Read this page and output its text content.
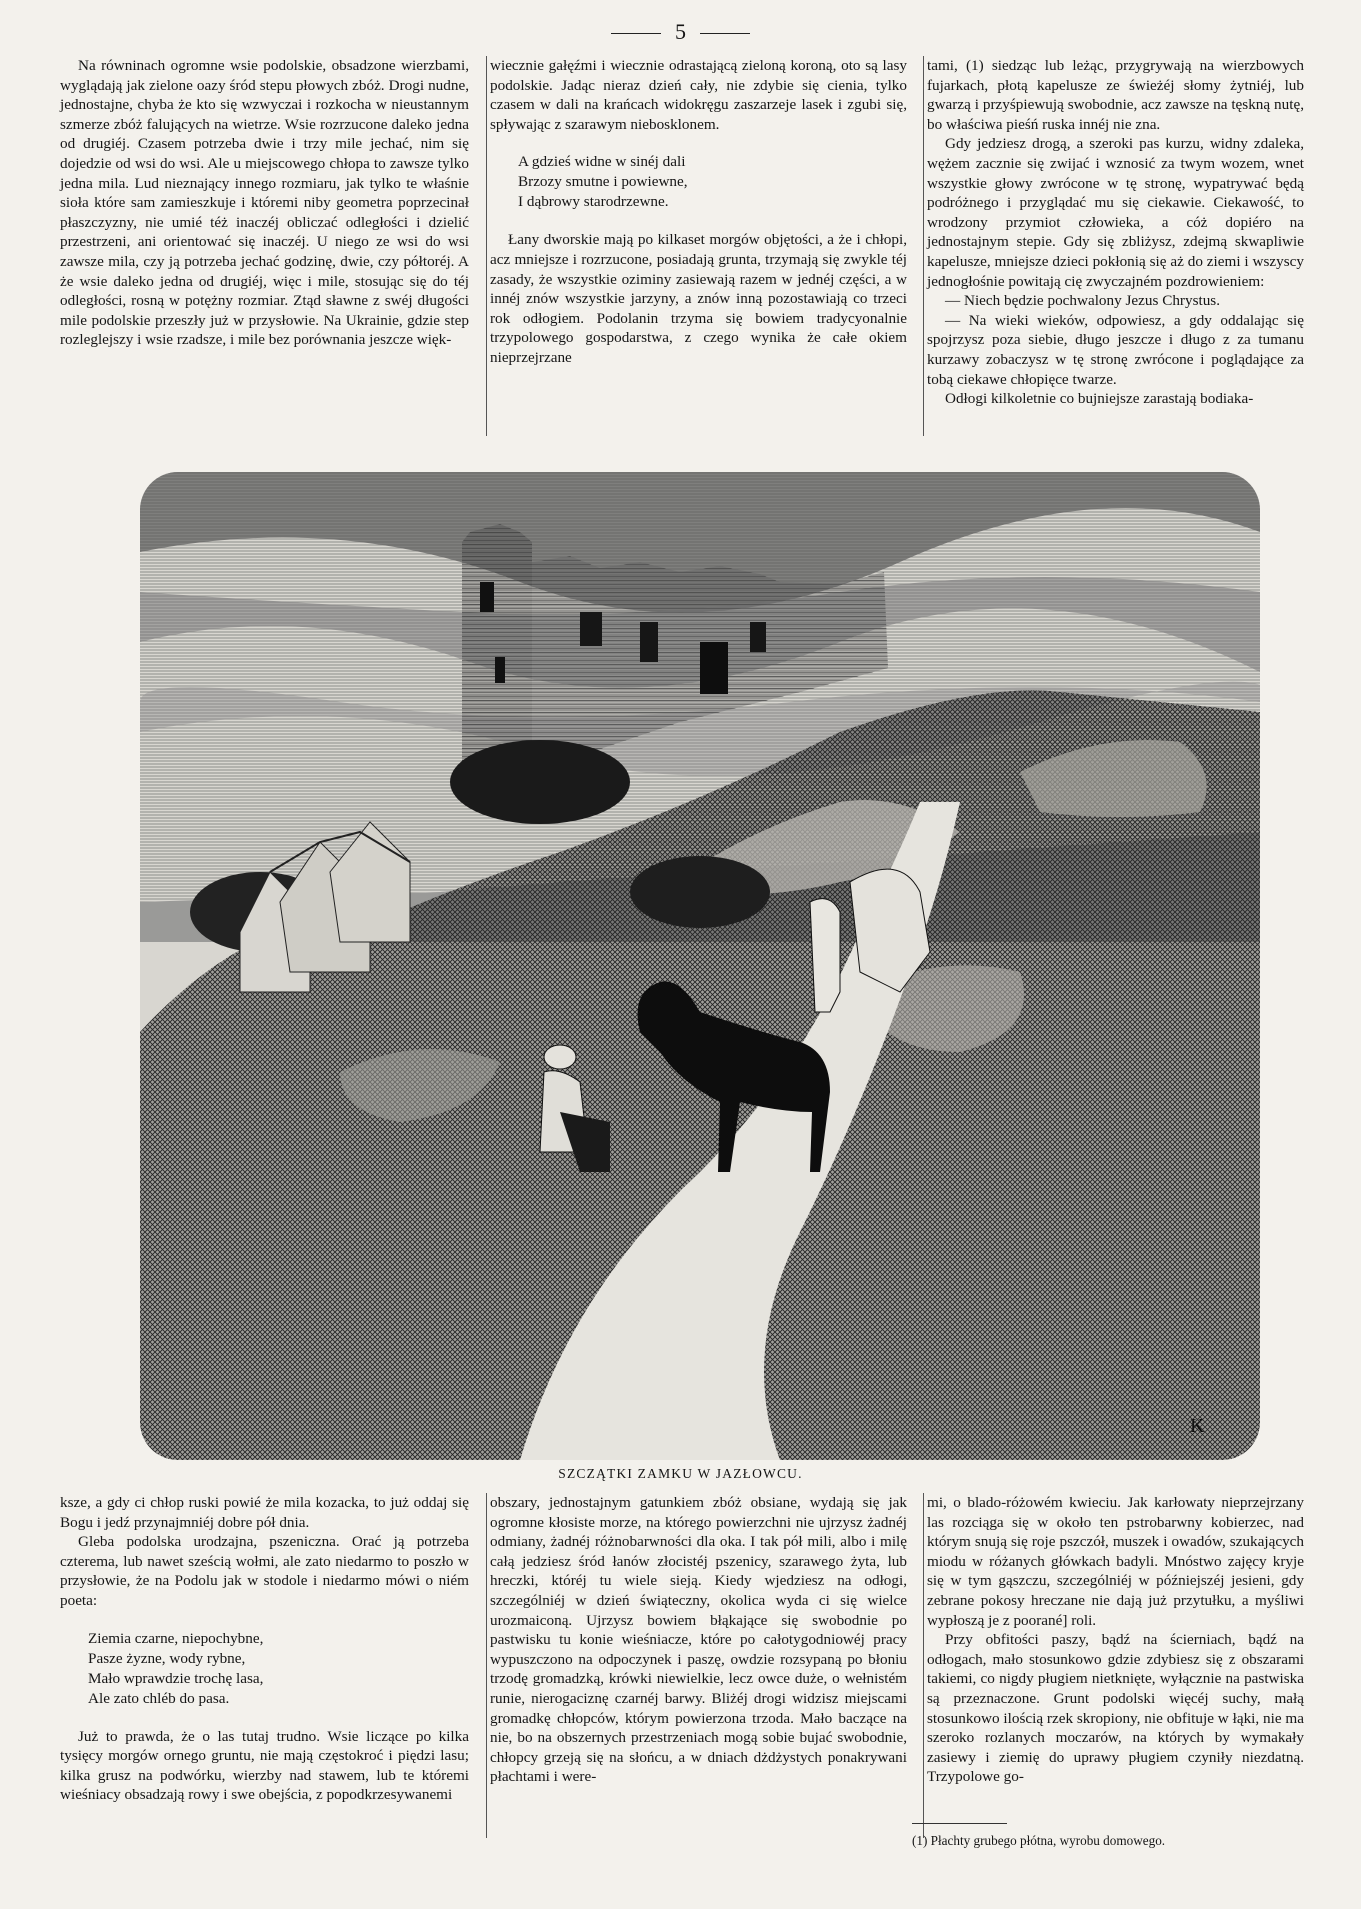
5

Na równinach ogromne wsie podolskie, obsadzone wierzbami, wyglądają jak zielone oazy śród stepu płowych zbóż. Drogi nudne, jednostajne, chyba że kto się wzwyczai i rozkocha w nieustannym szmerze zbóż falujących na wietrze. Wsie rozrzucone daleko jedna od drugiéj. Czasem potrzeba dwie i trzy mile jechać, nim się dojedzie od wsi do wsi. Ale u miejscowego chłopa to zawsze tylko jedna mila. Lud nieznający innego rozmiaru, jak tylko te właśnie sioła które sam zamieszkuje i któremi niby geometra poprzecinał płaszczyzny, nie umié téż inaczéj obliczać odległości i dzielić przestrzeni, ani orientować się inaczéj. U niego ze wsi do wsi zawsze mila, czy ją potrzeba jechać godzinę, dwie, czy półtoréj. A że wsie daleko jedna od drugiéj, więc i mile, stosując się do téj odległości, rosną w potężny rozmiar. Ztąd sławne z swéj długości mile podolskie przeszły już w przysłowie. Na Ukrainie, gdzie step rozleglejszy i wsie rzadsze, i mile bez porównania jeszcze więk-

wiecznie gałęźmi i wiecznie odrastającą zieloną koroną, oto są lasy podolskie. Jadąc nieraz dzień cały, nie zdybie się cienia, tylko czasem w dali na krańcach widokręgu zaszarzeje lasek i zgubi się, spływając z szarawym niebosklonem.

A gdzieś widne w sinéj dali
Brzozy smutne i powiewne,
I dąbrowy starodrzewne.

Łany dworskie mają po kilkaset morgów objętości, a że i chłopi, acz mniejsze i rozrzucone, posiadają grunta, trzymają się zwykle téj zasady, że wszystkie oziminy zasiewają razem w jednéj części, a w innéj znów wszystkie jarzyny, a znów inną pozostawiają co trzeci rok odłogiem. Podolanin trzyma się bowiem tradycyonalnie trzypolowego gospodarstwa, z czego wynika że całe okiem nieprzejrzane

tami, (1) siedząc lub leżąc, przygrywają na wierzbowych fujarkach, płotą kapelusze ze świeżéj słomy żytniéj, lub gwarzą i przyśpiewują swobodnie, acz zawsze na tęskną nutę, bo właściwa pieśń ruska innéj nie zna.

Gdy jedziesz drogą, a szeroki pas kurzu, widny zdaleka, wężem zacznie się zwijać i wznosić za twym wozem, wnet wszystkie głowy zwrócone w tę stronę, wypatrywać będą podróżnego i przyglądać mu się ciekawie. Ciekawość, to wrodzony przymiot człowieka, a cóż dopiéro na jednostajnym stepie. Gdy się zbliżysz, zdejmą skwapliwie kapelusze, mniejsze dzieci pokłonią się aż do ziemi i wszyscy jednogłośnie powitają cię zwyczajném pozdrowieniem:

— Niech będzie pochwalony Jezus Chrystus.

— Na wieki wieków, odpowiesz, a gdy oddalając się spojrzysz poza siebie, długo jeszcze i długo z za tumanu kurzawy zobaczysz w tę stronę zwrócone i poglądające za tobą ciekawe chłopięce twarze.

Odłogi kilkoletnie co bujniejsze zarastają bodiaka-

K
SZCZĄTKI ZAMKU W JAZŁOWCU.

ksze, a gdy ci chłop ruski powié że mila kozacka, to już oddaj się Bogu i jedź przynajmniéj dobre pół dnia.

Gleba podolska urodzajna, pszeniczna. Orać ją potrzeba czterema, lub nawet sześcią wołmi, ale zato niedarmo to poszło w przysłowie, że na Podolu jak w stodole i niedarmo mówi o niém poeta:

Ziemia czarne, niepochybne,
Pasze żyzne, wody rybne,
Mało wprawdzie trochę lasa,
Ale zato chléb do pasa.

Już to prawda, że o las tutaj trudno. Wsie liczące po kilka tysięcy morgów ornego gruntu, nie mają częstokroć i piędzi lasu; kilka grusz na podwórku, wierzby nad stawem, lub te któremi wieśniacy obsadzają rowy i swe obejścia, z popodkrzesywanemi

obszary, jednostajnym gatunkiem zbóż obsiane, wydają się jak ogromne kłosiste morze, na którego powierzchni nie ujrzysz żadnéj odmiany, żadnéj różnobarwności dla oka. I tak pół mili, albo i milę całą jedziesz śród łanów złocistéj pszenicy, szarawego żyta, lub hreczki, któréj tu wiele sieją. Kiedy wjedziesz na odłogi, szczególniéj w dzień świąteczny, okolica wyda ci się wielce urozmaiconą. Ujrzysz bowiem błąkające się swobodnie po pastwisku tu konie wieśniacze, które po całotygodniowéj pracy wypuszczono na odpoczynek i paszę, owdzie rozsypaną po błoniu trzodę gromadzką, krówki niewielkie, lecz owce duże, o wełnistém runie, nierogaciznę czarnéj barwy. Bliżéj drogi widzisz miejscami gromadkę chłopców, którym powierzona trzoda. Mało baczące na nie, bo na obszernych przestrzeniach mogą sobie bujać swobodnie, chłopcy grzeją się na słońcu, a w dniach dżdżystych ponakrywani płachtami i were-

mi, o blado-różowém kwieciu. Jak karłowaty nieprzejrzany las rozciąga się w około ten pstrobarwny kobierzec, nad którym snują się roje pszczół, muszek i owadów, szukających miodu w różanych główkach badyli. Mnóstwo zajęcy kryje się w tym gąszczu, szczególniéj w późniejszéj jesieni, gdy zebrane pokosy hreczane nie dają już przytułku, a myśliwi wypłoszą je z poorané] roli.

Przy obfitości paszy, bądź na ścierniach, bądź na odłogach, mało stosunkowo gdzie zdybiesz się z obszarami takiemi, co nigdy pługiem nietknięte, wyłącznie na pastwiska są przeznaczone. Grunt podolski więcéj suchy, małą stosunkowo ilością rzek skropiony, nie obfituje w łąki, nie ma szeroko rozlanych moczarów, na których by wymakały zasiewy i ziemię do uprawy pługiem czyniły niezdatną. Trzypolowe go-

(1) Płachty grubego płótna, wyrobu domowego.
